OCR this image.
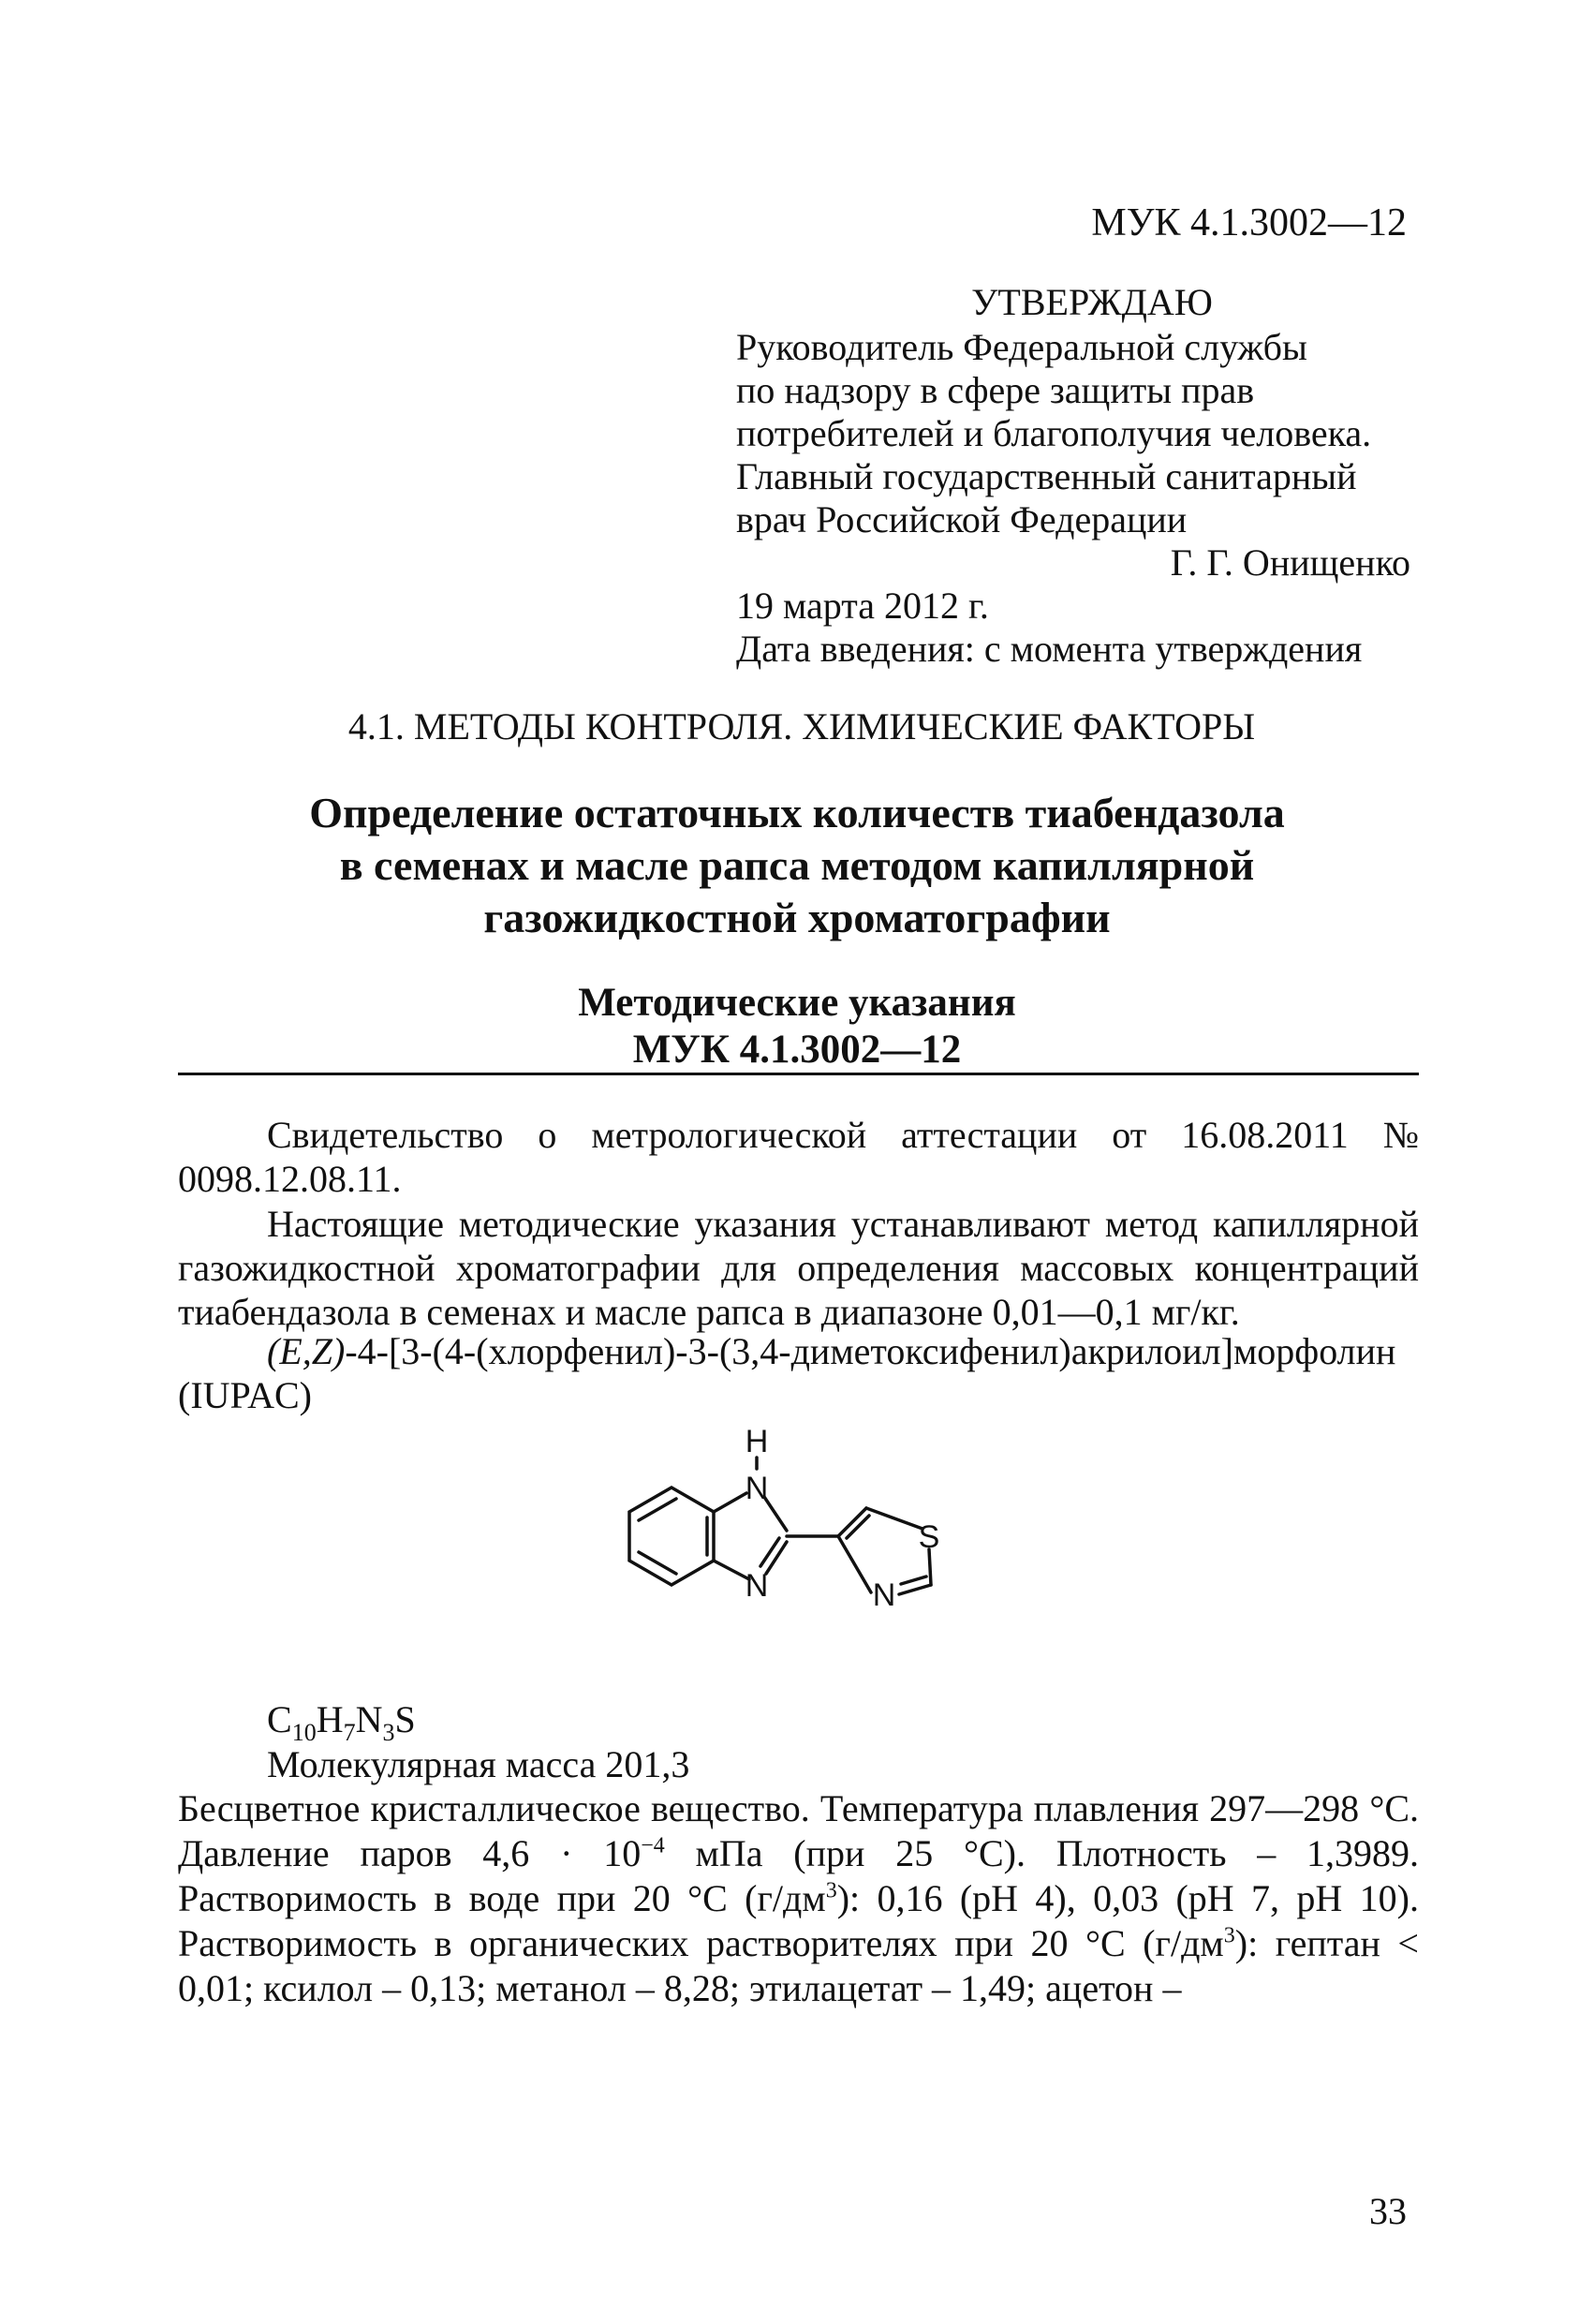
МУК 4.1.3002—12
УТВЕРЖДАЮ
Руководитель Федеральной службы
по надзору в сфере защиты прав
потребителей и благополучия человека.
Главный государственный санитарный
врач Российской Федерации
Г. Г. Онищенко
19 марта 2012 г.
Дата введения: с момента утверждения
4.1. МЕТОДЫ КОНТРОЛЯ. ХИМИЧЕСКИЕ ФАКТОРЫ
Определение остаточных количеств тиабендазола
в семенах и масле рапса методом капиллярной
газожидкостной хроматографии
Методические указания
МУК 4.1.3002—12
Свидетельство о метрологической аттестации от 16.08.2011 № 0098.12.08.11.
Настоящие методические указания устанавливают метод капиллярной газожидкостной хроматографии для определения массовых концентраций тиабендазола в семенах и масле рапса в диапазоне 0,01—0,1 мг/кг.
(E,Z)-4-[3-(4-(хлорфенил)-3-(3,4-диметоксифенил)акрилоил]морфолин (IUPAC)
H
N
N	N
S
$C_{10}H_7N_3S$
Молекулярная масса 201,3
Бесцветное кристаллическое вещество. Температура плавления 297—298 °C. Давление паров $4,6 \cdot 10^{-4}$ мПа (при 25 °C). Плотность – 1,3989. Растворимость в воде при 20 °C $(г/дм^3)$: 0,16 (pH 4), 0,03 (pH 7, pH 10). Растворимость в органических растворителях при 20 °C $(г/дм^3)$: гептан < 0,01; ксилол – 0,13; метанол – 8,28; этилацетат – 1,49; ацетон –
33
